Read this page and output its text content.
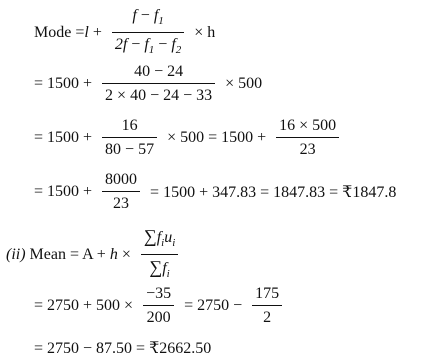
Mode = $l + \frac{f - f_1}{2f - f_1 - f_2} \times h$
= $1500 + \frac{40 - 24}{2 \times 40 - 24 - 33} \times 500$
= $1500 + \frac{16}{80 - 57} \times 500 = 1500 + \frac{16 \times 500}{23}$
= $1500 + \frac{8000}{23} = 1500 + 347.83 = 1847.83$ = ₹1847.8
(ii) Mean = $A + h \times \frac{\sum f_iu_i}{\sum f_i}$
= $2750 + 500 \times \frac{-35}{200} = 2750 - \frac{175}{2}$
= 2750 − 87.50 = ₹2662.50
